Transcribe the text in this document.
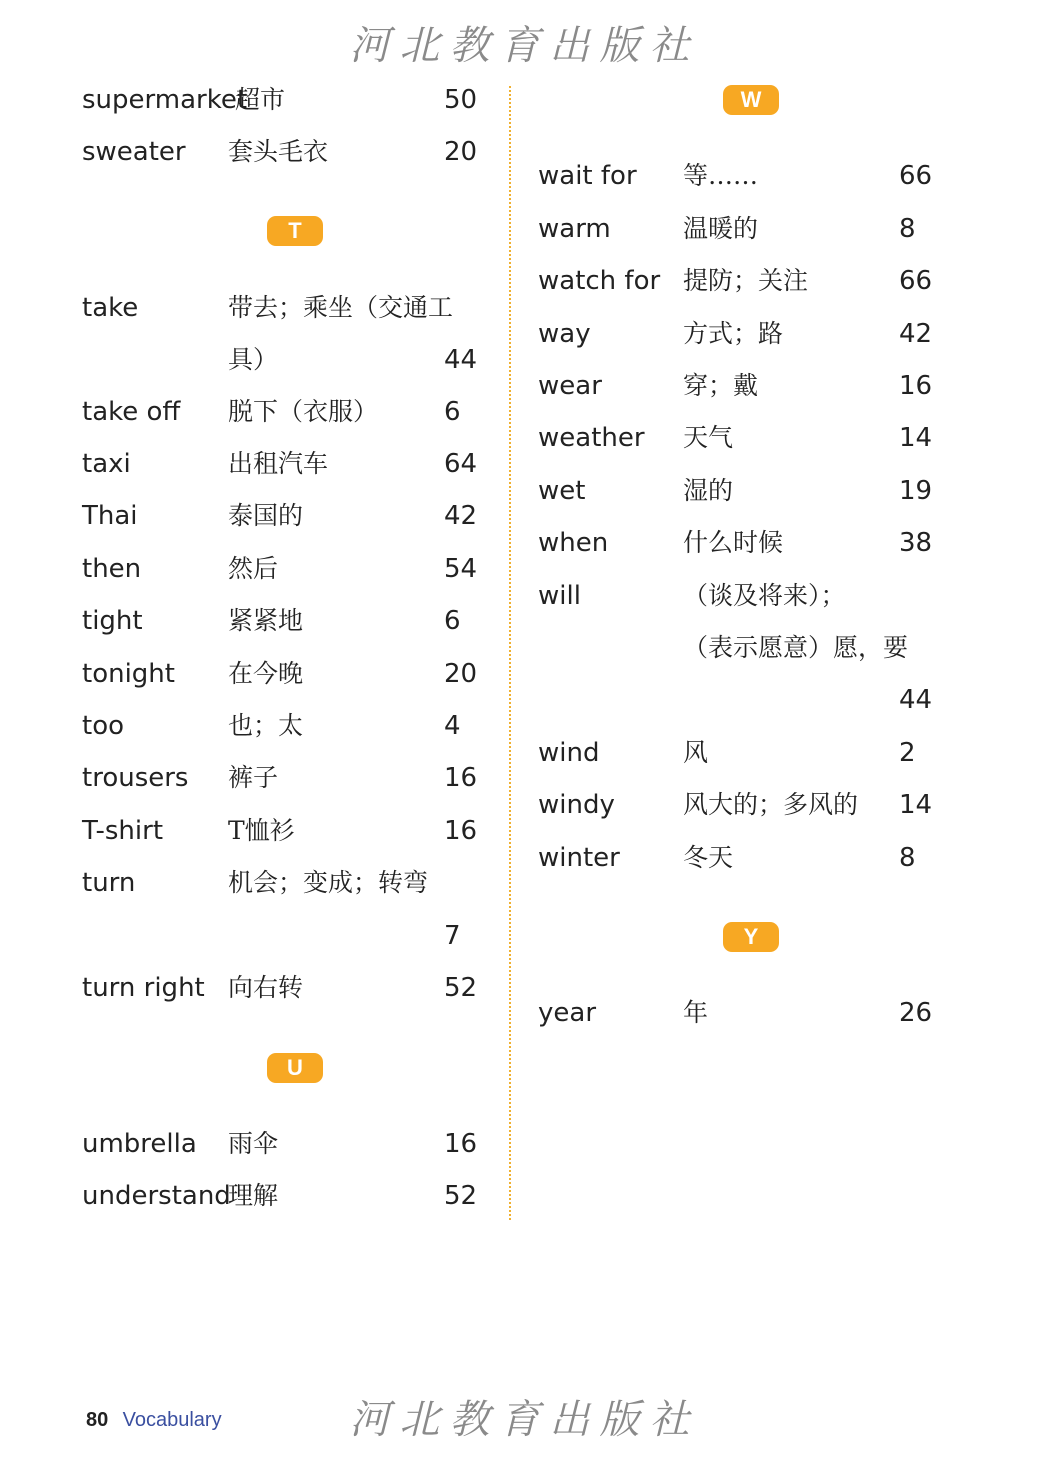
河北教育出版社
supermarket
超市	50
sweater 套头毛衣	20
T
take	带去；乘坐（交通工
具）	44
take off 脱下（衣服）	6
taxi	出租汽车	64
Thai	泰国的	42
then	然后	54
tight	紧紧地	6
tonight 在今晚	20
too	也；太	4
trousers 裤子	16
T-shirt	T恤衫	16
turn	机会；变成；转弯
7
turn right 向右转	52
U
umbrella 雨伞	16
understand
理解	52
W
wait for 等……	66
warm	温暖的	8
watch for 提防；关注	66
way	方式；路	42
wear	穿；戴	16
weather 天气	14
wet	湿的	19
when	什么时候	38
will	（谈及将来）；
（表示愿意）愿，要
44
wind	风	2
windy	风大的；多风的 14
winter	冬天	8
Y
year	年	26
80 Vocabulary	河北教育出版社
